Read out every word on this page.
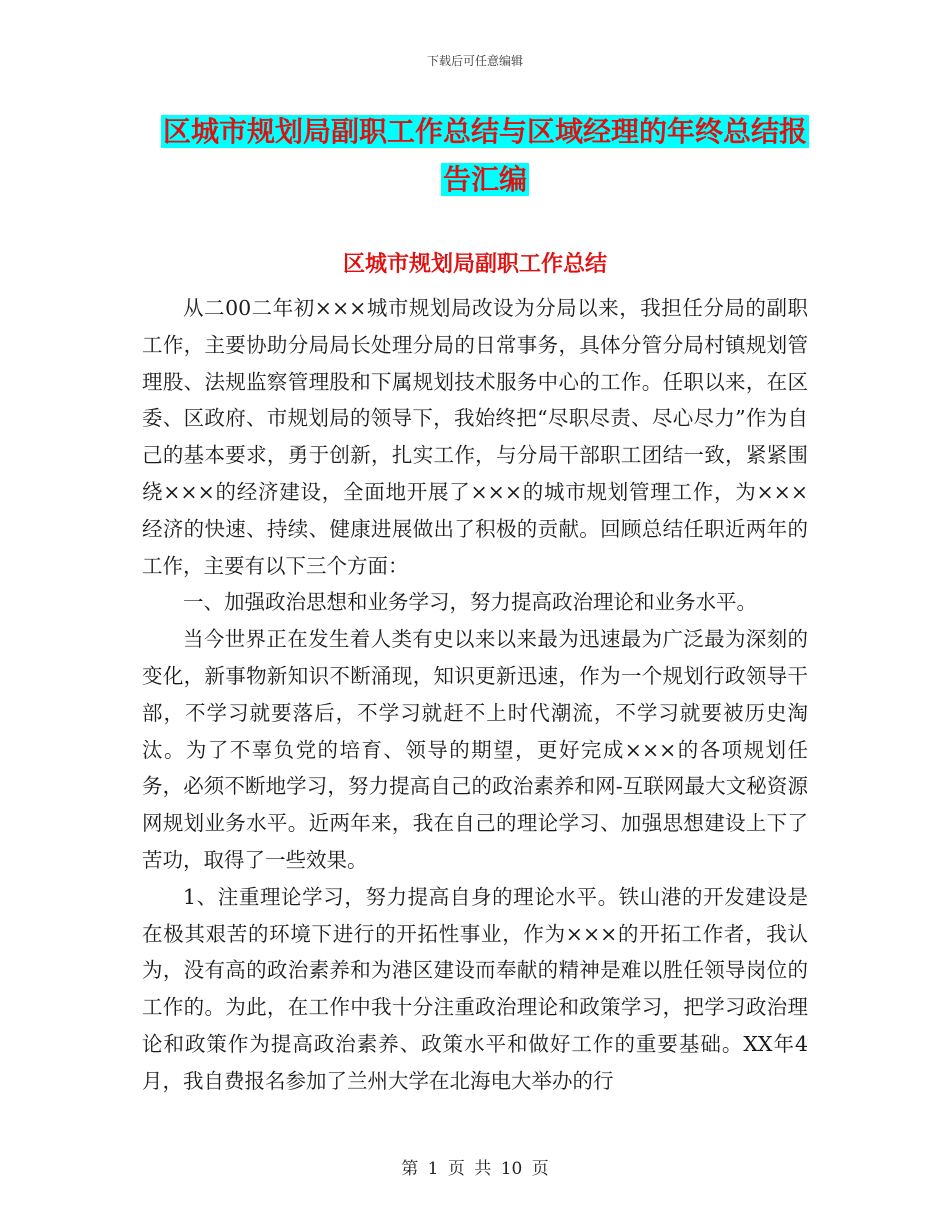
下载后可任意编辑
区城市规划局副职工作总结与区域经理的年终总结报
告汇编
区城市规划局副职工作总结

从二00二年初×××城市规划局改设为分局以来，我担任分局的副职工作，主要协助分局局长处理分局的日常事务，具体分管分局村镇规划管理股、法规监察管理股和下属规划技术服务中心的工作。任职以来，在区委、区政府、市规划局的领导下，我始终把“尽职尽责、尽心尽力”作为自己的基本要求，勇于创新，扎实工作，与分局干部职工团结一致，紧紧围绕×××的经济建设，全面地开展了×××的城市规划管理工作，为×××经济的快速、持续、健康进展做出了积极的贡献。回顾总结任职近两年的工作，主要有以下三个方面：

一、加强政治思想和业务学习，努力提高政治理论和业务水平。

当今世界正在发生着人类有史以来以来最为迅速最为广泛最为深刻的变化，新事物新知识不断涌现，知识更新迅速，作为一个规划行政领导干部，不学习就要落后，不学习就赶不上时代潮流，不学习就要被历史淘汰。为了不辜负党的培育、领导的期望，更好完成×××的各项规划任务，必须不断地学习，努力提高自己的政治素养和网-互联网最大文秘资源网规划业务水平。近两年来，我在自己的理论学习、加强思想建设上下了苦功，取得了一些效果。

1、注重理论学习，努力提高自身的理论水平。铁山港的开发建设是在极其艰苦的环境下进行的开拓性事业，作为×××的开拓工作者，我认为，没有高的政治素养和为港区建设而奉献的精神是难以胜任领导岗位的工作的。为此，在工作中我十分注重政治理论和政策学习，把学习政治理论和政策作为提高政治素养、政策水平和做好工作的重要基础。XX年4月，我自费报名参加了兰州大学在北海电大举办的行

第 1 页 共 10 页
